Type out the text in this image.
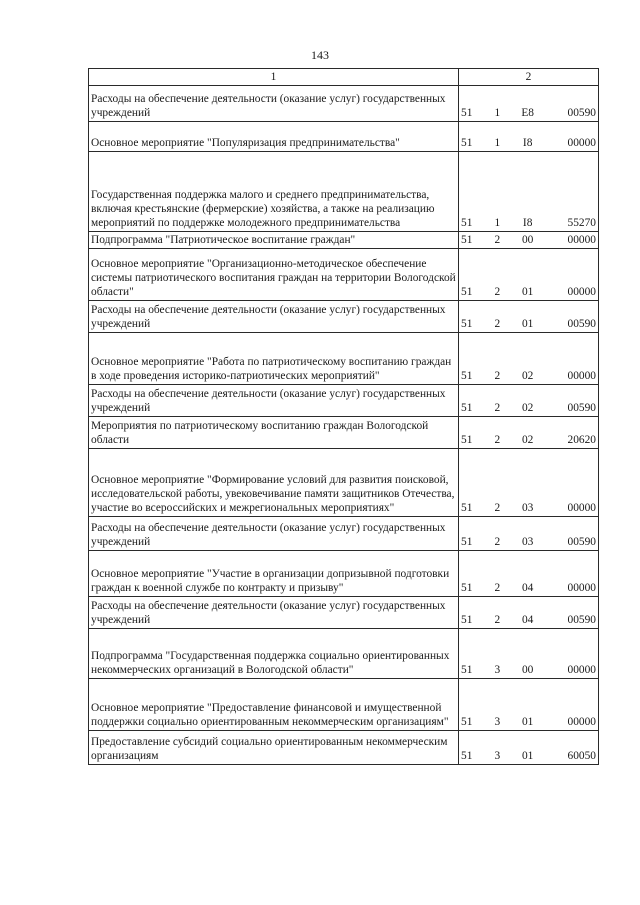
143
1	2
Расходы на обеспечение деятельности (оказание услуг) государственных учреждений	51 1 E8 00590

Основное мероприятие "Популяризация предпринимательства"	51 1 I8 00000

Государственная поддержка малого и среднего предпринимательства, включая крестьянские (фермерские) хозяйства, а также на реализацию мероприятий по поддержке молодежного предпринимательства	51 1 I8 55270

Подпрограмма "Патриотическое воспитание граждан"	51 2 00 00000

Основное мероприятие "Организационно-методическое обеспечение системы патриотического воспитания граждан на территории Вологодской области"	51 2 01 00000

Расходы на обеспечение деятельности (оказание услуг) государственных учреждений	51 2 01 00590

Основное мероприятие "Работа по патриотическому воспитанию граждан в ходе проведения историко-патриотических мероприятий"	51 2 02 00000

Расходы на обеспечение деятельности (оказание услуг) государственных учреждений	51 2 02 00590

Мероприятия по патриотическому воспитанию граждан Вологодской области	51 2 02 20620

Основное мероприятие "Формирование условий для развития поисковой, исследовательской работы, увековечивание памяти защитников Отечества, участие во всероссийских и межрегиональных мероприятиях"	51 2 03 00000

Расходы на обеспечение деятельности (оказание услуг) государственных учреждений	51 2 03 00590

Основное мероприятие "Участие в организации допризывной подготовки граждан к военной службе по контракту и призыву"	51 2 04 00000

Расходы на обеспечение деятельности (оказание услуг) государственных учреждений	51 2 04 00590

Подпрограмма "Государственная поддержка социально ориентированных некоммерческих организаций в Вологодской области"	51 3 00 00000

Основное мероприятие "Предоставление финансовой и имущественной поддержки социально ориентированным некоммерческим организациям"	51 3 01 00000

Предоставление субсидий социально ориентированным некоммерческим организациям	51 3 01 60050
